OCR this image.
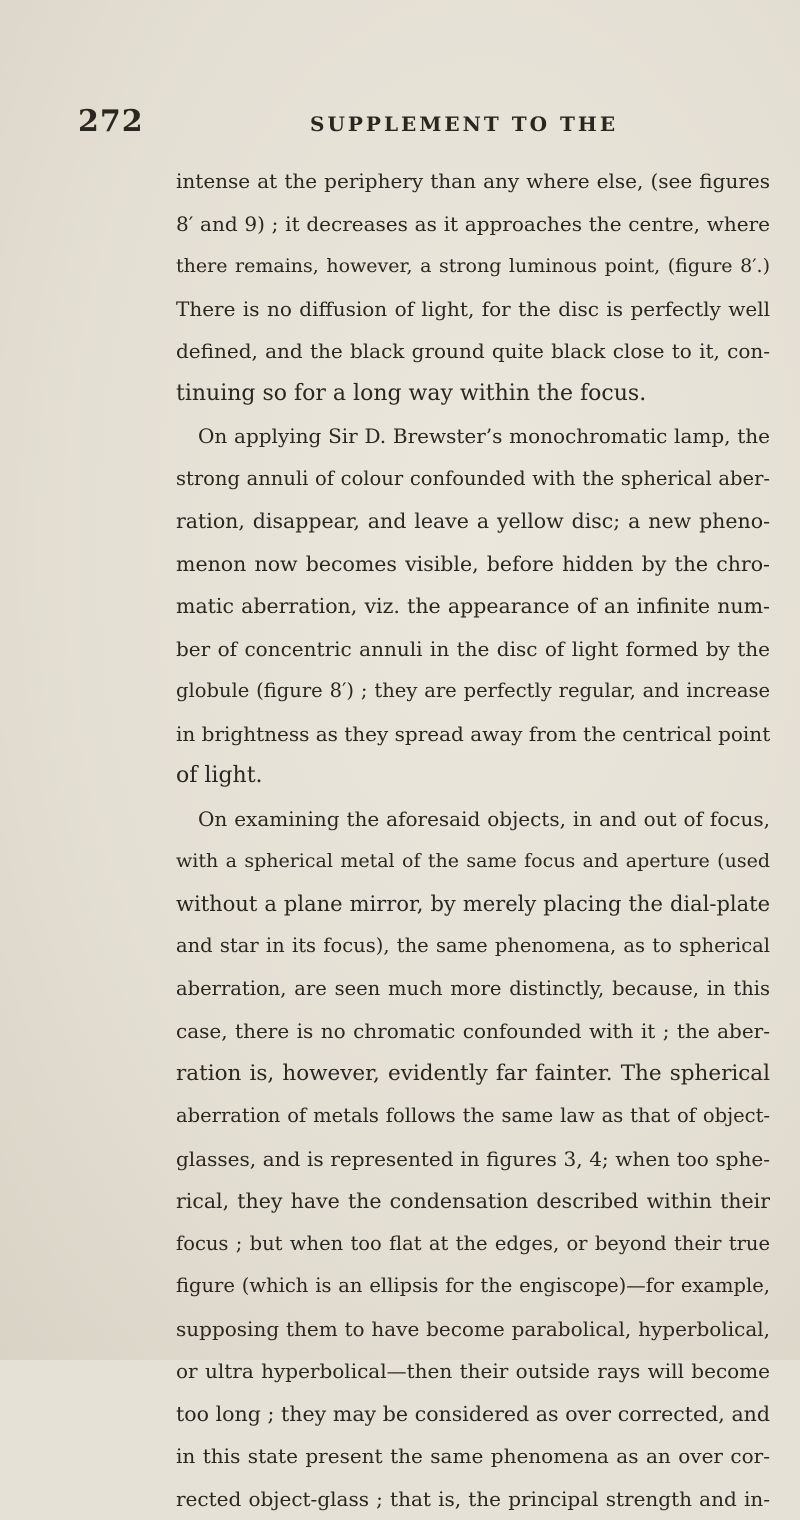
272	SUPPLEMENT TO THE
intense at the periphery than any where else, (see figures
8′ and 9) ; it decreases as it approaches the centre, where
there remains, however, a strong luminous point, (figure 8′.)
There is no diffusion of light, for the disc is perfectly well
defined, and the black ground quite black close to it, con-
tinuing so for a long way within the focus.
On applying Sir D. Brewster’s monochromatic lamp, the
strong annuli of colour confounded with the spherical aber-
ration, disappear, and leave a yellow disc; a new pheno-
menon now becomes visible, before hidden by the chro-
matic aberration, viz. the appearance of an infinite num-
ber of concentric annuli in the disc of light formed by the
globule (figure 8′) ; they are perfectly regular, and increase
in brightness as they spread away from the centrical point
of light.
On examining the aforesaid objects, in and out of focus,
with a spherical metal of the same focus and aperture (used
without a plane mirror, by merely placing the dial-plate
and star in its focus), the same phenomena, as to spherical
aberration, are seen much more distinctly, because, in this
case, there is no chromatic confounded with it ; the aber-
ration is, however, evidently far fainter. The spherical
aberration of metals follows the same law as that of object-
glasses, and is represented in figures 3, 4; when too sphe-
rical, they have the condensation described within their
focus ; but when too flat at the edges, or beyond their true
figure (which is an ellipsis for the engiscope)—for example,
supposing them to have become parabolical, hyperbolical,
or ultra hyperbolical—then their outside rays will become
too long ; they may be considered as over corrected, and
in this state present the same phenomena as an over cor-
rected object-glass ; that is, the principal strength and in-
